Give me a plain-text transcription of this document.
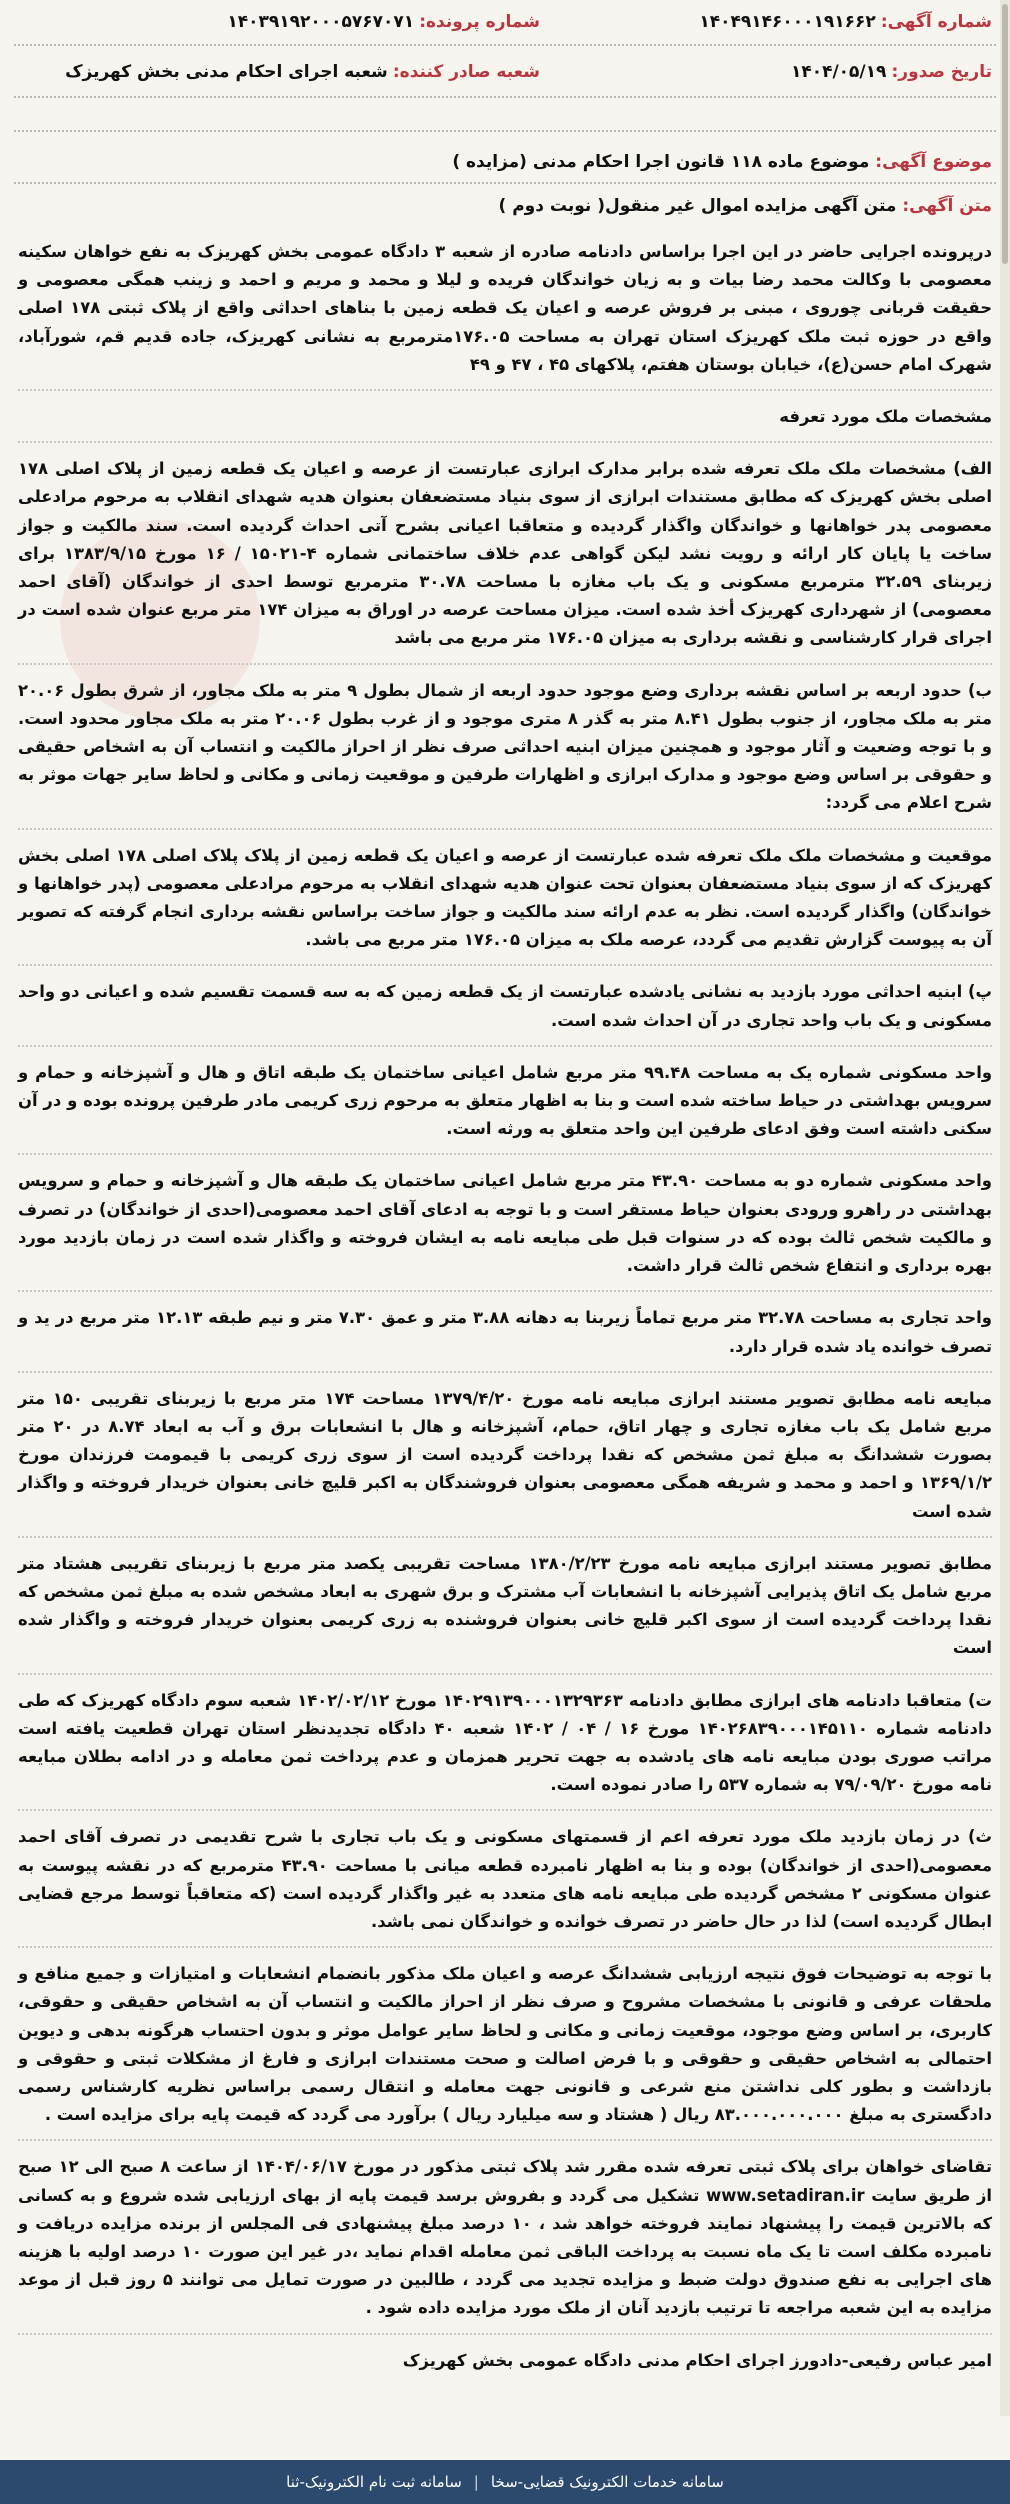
شماره آگهی: ۱۴۰۴۹۱۴۶۰۰۰۱۹۱۶۶۲
شماره پرونده: ۱۴۰۳۹۱۹۲۰۰۰۵۷۶۷۰۷۱
تاریخ صدور: ۱۴۰۴/۰۵/۱۹
شعبه صادر کننده: شعبه اجرای احکام مدنی بخش کهریزک
موضوع آگهی: موضوع ماده ۱۱۸ قانون اجرا احکام مدنی (مزایده )
متن آگهی: متن آگهی مزایده اموال غیر منقول( نوبت دوم )

درپرونده اجرایی حاضر در این اجرا براساس دادنامه صادره از شعبه ۳ دادگاه عمومی بخش کهریزک به نفع خواهان سکینه معصومی با وکالت محمد رضا بیات و به زیان خواندگان فریده و لیلا و محمد و مریم و احمد و زینب همگی معصومی و حقیقت قربانی چوروی ، مبنی بر فروش عرصه و اعیان یک قطعه زمین با بناهای احداثی واقع از پلاک ثبتی ۱۷۸ اصلی واقع در حوزه ثبت ملک کهریزک استان تهران به مساحت ۱۷۶.۰۵مترمربع به نشانی کهریزک، جاده قدیم قم، شورآباد، شهرک امام حسن(ع)، خیابان بوستان هفتم، پلاکهای ۴۵ ، ۴۷ و ۴۹

مشخصات ملک مورد تعرفه

الف) مشخصات ملک ملک تعرفه شده برابر مدارک ابرازی عبارتست از عرصه و اعیان یک قطعه زمین از پلاک اصلی ۱۷۸ اصلی بخش کهریزک که مطابق مستندات ابرازی از سوی بنیاد مستضعفان بعنوان هدیه شهدای انقلاب به مرحوم مرادعلی معصومی پدر خواهانها و خواندگان واگذار گردیده و متعاقبا اعیانی بشرح آتی احداث گردیده است. سند مالکیت و جواز ساخت یا پایان کار ارائه و رویت نشد لیکن گواهی عدم خلاف ساختمانی شماره ۴-۱۵۰۲۱ / ۱۶ مورخ ۱۳۸۳/۹/۱۵ برای زیربنای ۳۲.۵۹ مترمربع مسکونی و یک باب مغازه با مساحت ۳۰.۷۸ مترمربع توسط احدی از خواندگان (آقای احمد معصومی) از شهرداری کهریزک أخذ شده است. میزان مساحت عرصه در اوراق به میزان ۱۷۴ متر مربع عنوان شده است در اجرای قرار کارشناسی و نقشه برداری به میزان ۱۷۶.۰۵ متر مربع می باشد

ب) حدود اربعه بر اساس نقشه برداری وضع موجود حدود اربعه از شمال بطول ۹ متر به ملک مجاور، از شرق بطول ۲۰.۰۶ متر به ملک مجاور، از جنوب بطول ۸.۴۱ متر به گذر ۸ متری موجود و از غرب بطول ۲۰.۰۶ متر به ملک مجاور محدود است. و با توجه وضعیت و آثار موجود و همچنین میزان ابنیه احداثی صرف نظر از احراز مالکیت و انتساب آن به اشخاص حقیقی و حقوقی بر اساس وضع موجود و مدارک ابرازی و اظهارات طرفین و موقعیت زمانی و مکانی و لحاظ سایر جهات موثر به شرح اعلام می گردد:

موقعیت و مشخصات ملک ملک تعرفه شده عبارتست از عرصه و اعیان یک قطعه زمین از پلاک پلاک اصلی ۱۷۸ اصلی بخش کهریزک که از سوی بنیاد مستضعفان بعنوان تحت عنوان هدیه شهدای انقلاب به مرحوم مرادعلی معصومی (پدر خواهانها و خواندگان) واگذار گردیده است. نظر به عدم ارائه سند مالکیت و جواز ساخت براساس نقشه برداری انجام گرفته که تصویر آن به پیوست گزارش تقدیم می گردد، عرصه ملک به میزان ۱۷۶.۰۵ متر مربع می باشد.

پ) ابنیه احداثی مورد بازدید به نشانی یادشده عبارتست از یک قطعه زمین که به سه قسمت تقسیم شده و اعیانی دو واحد مسکونی و یک باب واحد تجاری در آن احداث شده است.

واحد مسکونی شماره یک به مساحت ۹۹.۴۸ متر مربع شامل اعیانی ساختمان یک طبقه اتاق و هال و آشپزخانه و حمام و سرویس بهداشتی در حیاط ساخته شده است و بنا به اظهار متعلق به مرحوم زری کریمی مادر طرفین پرونده بوده و در آن سکنی داشته است وفق ادعای طرفین این واحد متعلق به ورثه است.

واحد مسکونی شماره دو به مساحت ۴۳.۹۰ متر مربع شامل اعیانی ساختمان یک طبقه هال و آشپزخانه و حمام و سرویس بهداشتی در راهرو ورودی بعنوان حیاط مستقر است و با توجه به ادعای آقای احمد معصومی(احدی از خواندگان) در تصرف و مالکیت شخص ثالث بوده که در سنوات قبل طی مبایعه نامه به ایشان فروخته و واگذار شده است در زمان بازدید مورد بهره برداری و انتفاع شخص ثالث قرار داشت.

واحد تجاری به مساحت ۳۲.۷۸ متر مربع تماماً زیربنا به دهانه ۳.۸۸ متر و عمق ۷.۳۰ متر و نیم طبقه ۱۲.۱۳ متر مربع در ید و تصرف خوانده یاد شده قرار دارد.

مبایعه نامه مطابق تصویر مستند ابرازی مبایعه نامه مورخ ۱۳۷۹/۴/۲۰ مساحت ۱۷۴ متر مربع با زیربنای تقریبی ۱۵۰ متر مربع شامل یک باب مغازه تجاری و چهار اتاق، حمام، آشپزخانه و هال با انشعابات برق و آب به ابعاد ۸.۷۴ در ۲۰ متر بصورت ششدانگ به مبلغ ثمن مشخص که نقدا پرداخت گردیده است از سوی زری کریمی با قیمومت فرزندان مورخ ۱۳۶۹/۱/۲ و احمد و محمد و شریفه همگی معصومی بعنوان فروشندگان به اکبر قلیچ خانی بعنوان خریدار فروخته و واگذار شده است

مطابق تصویر مستند ابرازی مبایعه نامه مورخ ۱۳۸۰/۲/۲۳ مساحت تقریبی یکصد متر مربع با زیربنای تقریبی هشتاد متر مربع شامل یک اتاق پذیرایی آشپزخانه با انشعابات آب مشترک و برق شهری به ابعاد مشخص شده به مبلغ ثمن مشخص که نقدا پرداخت گردیده است از سوی اکبر قلیچ خانی بعنوان فروشنده به زری کریمی بعنوان خریدار فروخته و واگذار شده است

ت) متعاقبا دادنامه های ابرازی مطابق دادنامه ۱۴۰۲۹۱۳۹۰۰۰۱۳۲۹۳۶۳ مورخ ۱۴۰۲/۰۲/۱۲ شعبه سوم دادگاه کهریزک که طی دادنامه شماره ۱۴۰۲۶۸۳۹۰۰۰۱۴۵۱۱۰ مورخ ۱۶ / ۰۴ / ۱۴۰۲ شعبه ۴۰ دادگاه تجدیدنظر استان تهران قطعیت یافته است مراتب صوری بودن مبایعه نامه های یادشده به جهت تحریر همزمان و عدم پرداخت ثمن معامله و در ادامه بطلان مبایعه نامه مورخ ۷۹/۰۹/۲۰ به شماره ۵۳۷ را صادر نموده است.

ث) در زمان بازدید ملک مورد تعرفه اعم از قسمتهای مسکونی و یک باب تجاری با شرح تقدیمی در تصرف آقای احمد معصومی(احدی از خواندگان) بوده و بنا به اظهار نامبرده قطعه میانی با مساحت ۴۳.۹۰ مترمربع که در نقشه پیوست به عنوان مسکونی ۲ مشخص گردیده طی مبایعه نامه های متعدد به غیر واگذار گردیده است (که متعاقباً توسط مرجع قضایی ابطال گردیده است) لذا در حال حاضر در تصرف خوانده و خواندگان نمی باشد.

با توجه به توضیحات فوق نتیجه ارزیابی ششدانگ عرصه و اعیان ملک مذکور بانضمام انشعابات و امتیازات و جمیع منافع و ملحقات عرفی و قانونی با مشخصات مشروح و صرف نظر از احراز مالکیت و انتساب آن به اشخاص حقیقی و حقوقی، کاربری، بر اساس وضع موجود، موقعیت زمانی و مکانی و لحاظ سایر عوامل موثر و بدون احتساب هرگونه بدهی و دیوین احتمالی به اشخاص حقیقی و حقوقی و با فرض اصالت و صحت مستندات ابرازی و فارغ از مشکلات ثبتی و حقوقی و بازداشت و بطور کلی نداشتن منع شرعی و قانونی جهت معامله و انتقال رسمی براساس نظریه کارشناس رسمی دادگستری به مبلغ ۸۳.۰۰۰.۰۰۰.۰۰۰ ریال ( هشتاد و سه میلیارد ریال ) برآورد می گردد که قیمت پایه برای مزایده است .

تقاضای خواهان برای پلاک ثبتی تعرفه شده مقرر شد پلاک ثبتی مذکور در مورخ ۱۴۰۴/۰۶/۱۷ از ساعت ۸ صبح الی ۱۲ صبح از طریق سایت www.setadiran.ir تشکیل می گردد و بفروش برسد قیمت پایه از بهای ارزیابی شده شروع و به کسانی که بالاترین قیمت را پیشنهاد نمایند فروخته خواهد شد ، ۱۰ درصد مبلغ پیشنهادی فی المجلس از برنده مزایده دریافت و نامبرده مکلف است تا یک ماه نسبت به پرداخت الباقی ثمن معامله اقدام نماید ،در غیر این صورت ۱۰ درصد اولیه با هزینه های اجرایی به نفع صندوق دولت ضبط و مزایده تجدید می گردد ، طالبین در صورت تمایل می توانند ۵ روز قبل از موعد مزایده به این شعبه مراجعه تا ترتیب بازدید آنان از ملک مورد مزایده داده شود .

امیر عباس رفیعی-دادورز اجرای احکام مدنی دادگاه عمومی بخش کهریزک

سامانه خدمات الکترونیک قضایی-سخا
|
سامانه ثبت نام الکترونیک-ثنا
